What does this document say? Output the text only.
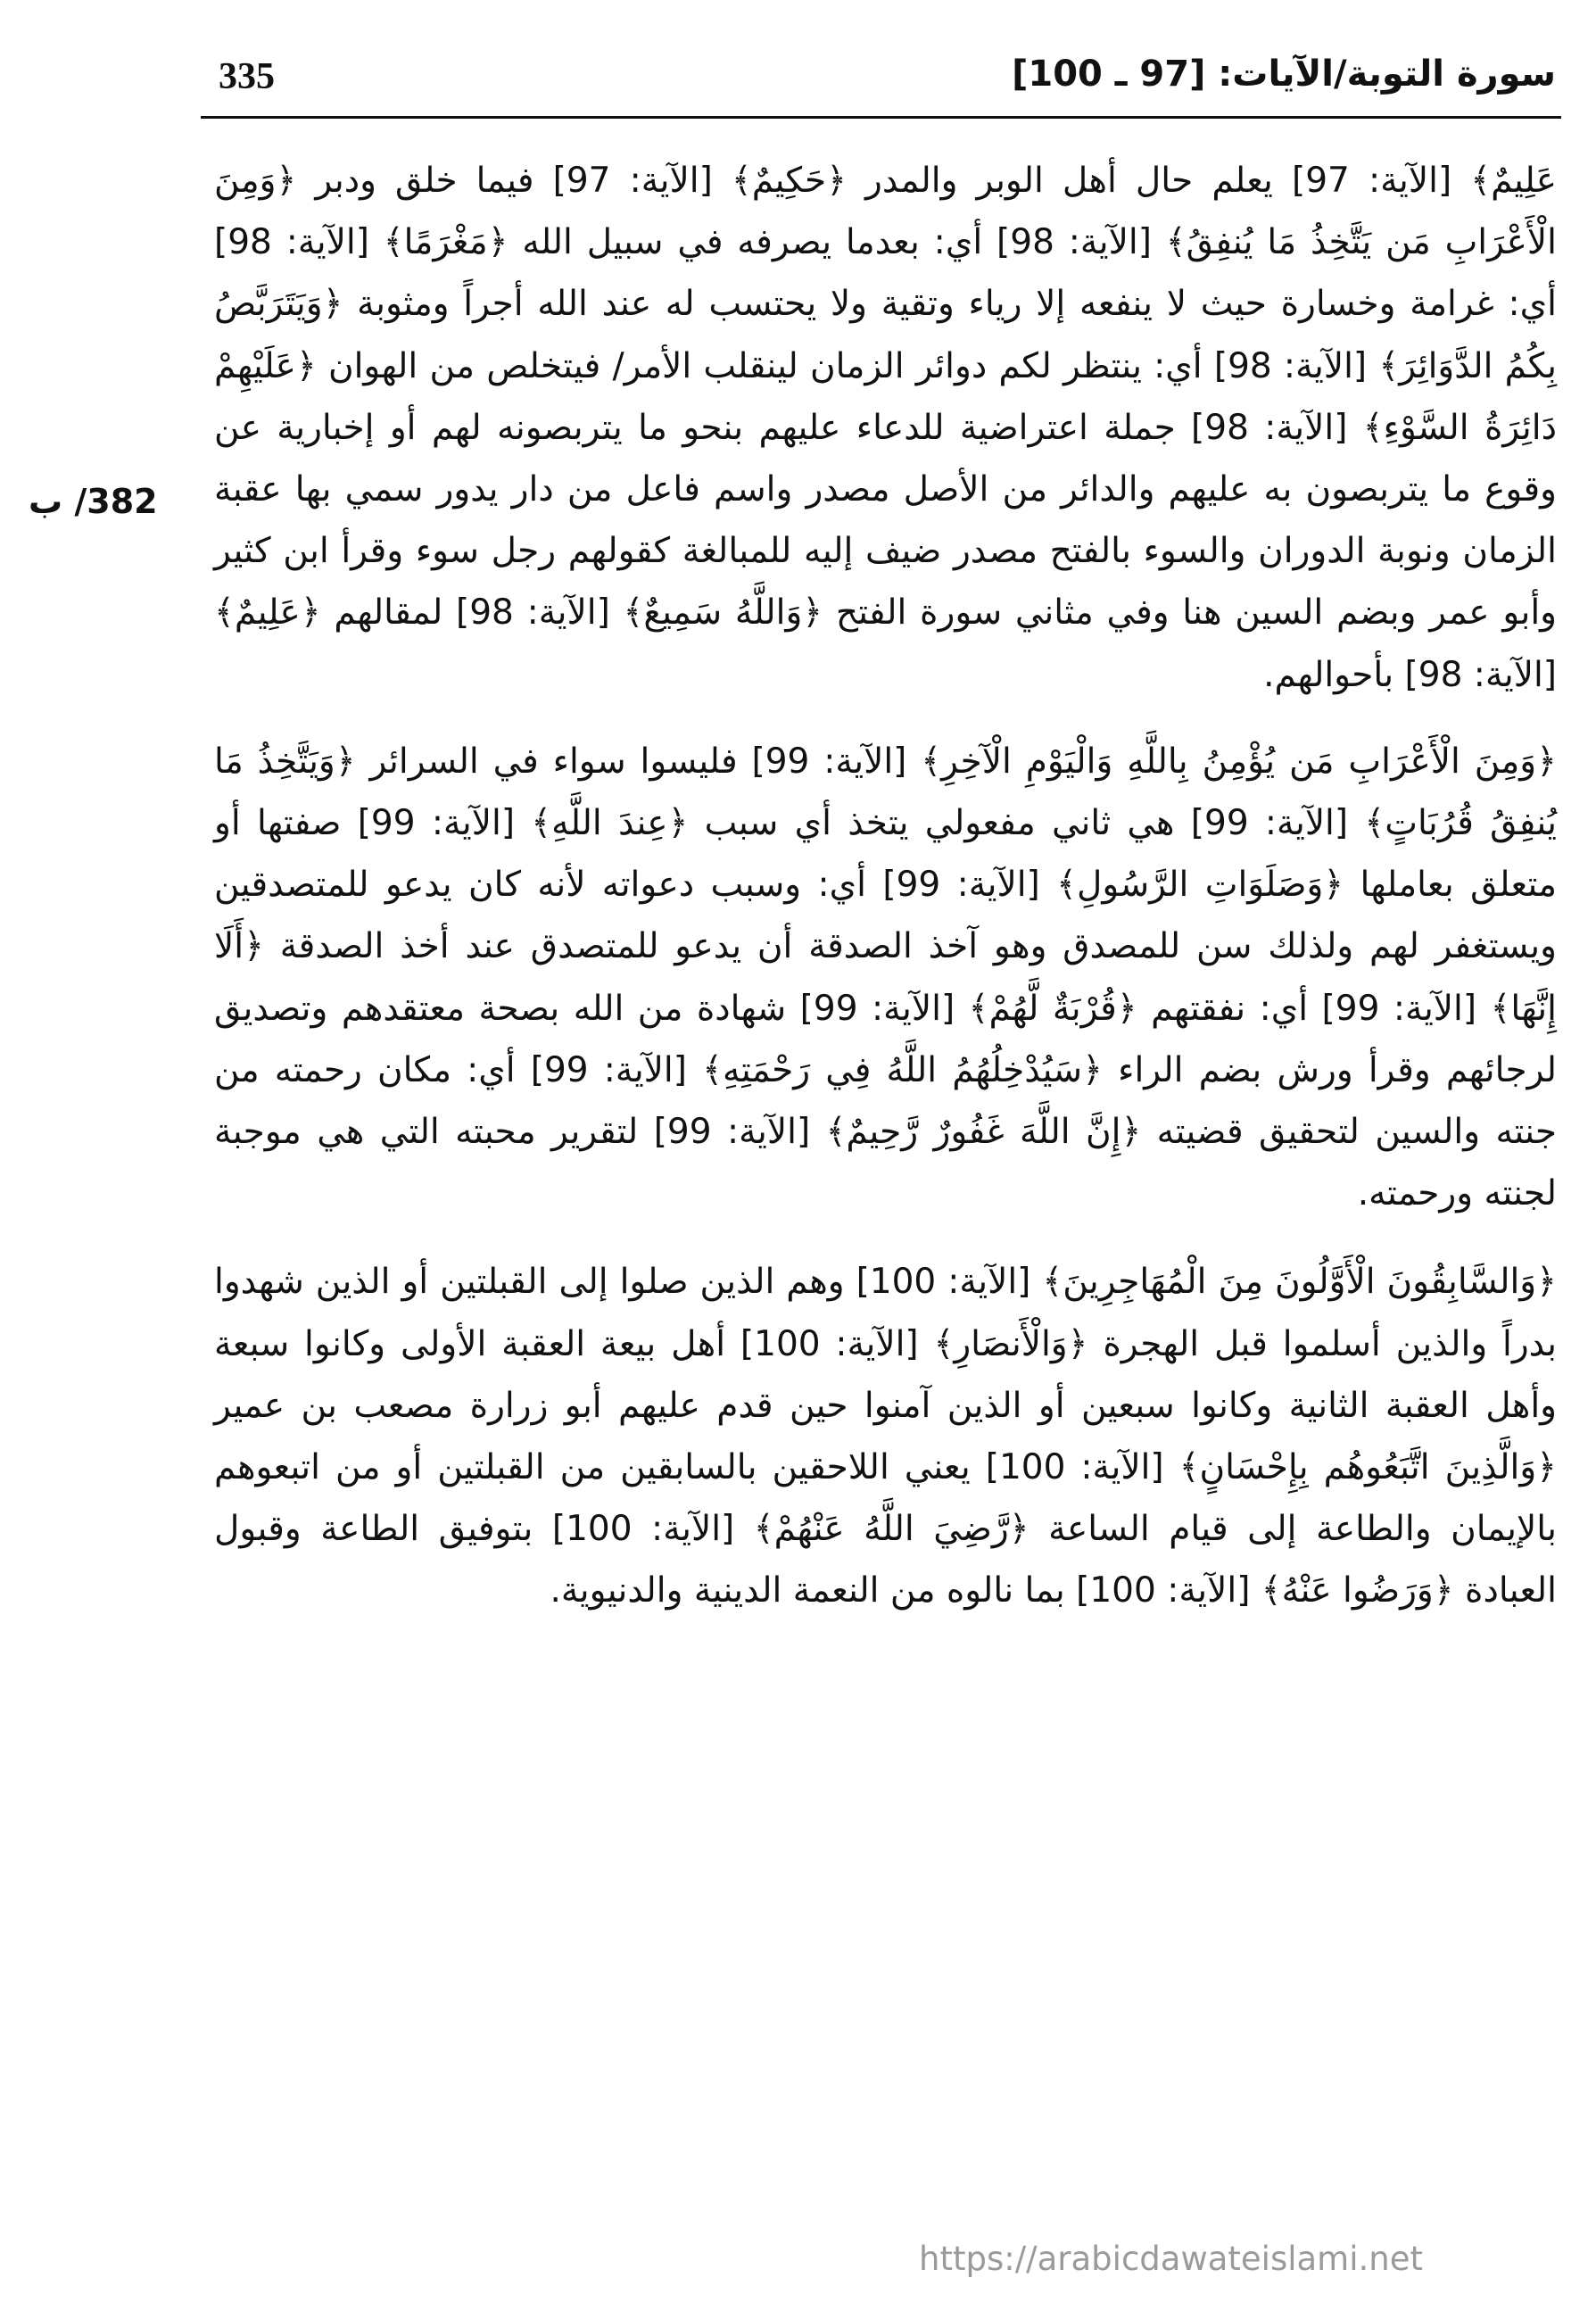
335	سورة التوبة/الآيات: [97 ـ 100]
382/ ب

عَلِيمٌ﴾ [الآية: 97] يعلم حال أهل الوبر والمدر ﴿حَكِيمٌ﴾ [الآية: 97] فيما خلق ودبر ﴿وَمِنَ الْأَعْرَابِ مَن يَتَّخِذُ مَا يُنفِقُ﴾ [الآية: 98] أي: بعدما يصرفه في سبيل الله ﴿مَغْرَمًا﴾ [الآية: 98] أي: غرامة وخسارة حيث لا ينفعه إلا رياء وتقية ولا يحتسب له عند الله أجراً ومثوبة ﴿وَيَتَرَبَّصُ بِكُمُ الدَّوَائِرَ﴾ [الآية: 98] أي: ينتظر لكم دوائر الزمان لينقلب الأمر/ فيتخلص من الهوان ﴿عَلَيْهِمْ دَائِرَةُ السَّوْءِ﴾ [الآية: 98] جملة اعتراضية للدعاء عليهم بنحو ما يتربصونه لهم أو إخبارية عن وقوع ما يتربصون به عليهم والدائر من الأصل مصدر واسم فاعل من دار يدور سمي بها عقبة الزمان ونوبة الدوران والسوء بالفتح مصدر ضيف إليه للمبالغة كقولهم رجل سوء وقرأ ابن كثير وأبو عمر وبضم السين هنا وفي مثاني سورة الفتح ﴿وَاللَّهُ سَمِيعٌ﴾ [الآية: 98] لمقالهم ﴿عَلِيمٌ﴾ [الآية: 98] بأحوالهم.

﴿وَمِنَ الْأَعْرَابِ مَن يُؤْمِنُ بِاللَّهِ وَالْيَوْمِ الْآخِرِ﴾ [الآية: 99] فليسوا سواء في السرائر ﴿وَيَتَّخِذُ مَا يُنفِقُ قُرُبَاتٍ﴾ [الآية: 99] هي ثاني مفعولي يتخذ أي سبب ﴿عِندَ اللَّهِ﴾ [الآية: 99] صفتها أو متعلق بعاملها ﴿وَصَلَوَاتِ الرَّسُولِ﴾ [الآية: 99] أي: وسبب دعواته لأنه كان يدعو للمتصدقين ويستغفر لهم ولذلك سن للمصدق وهو آخذ الصدقة أن يدعو للمتصدق عند أخذ الصدقة ﴿أَلَا إِنَّهَا﴾ [الآية: 99] أي: نفقتهم ﴿قُرْبَةٌ لَّهُمْ﴾ [الآية: 99] شهادة من الله بصحة معتقدهم وتصديق لرجائهم وقرأ ورش بضم الراء ﴿سَيُدْخِلُهُمُ اللَّهُ فِي رَحْمَتِهِ﴾ [الآية: 99] أي: مكان رحمته من جنته والسين لتحقيق قضيته ﴿إِنَّ اللَّهَ غَفُورٌ رَّحِيمٌ﴾ [الآية: 99] لتقرير محبته التي هي موجبة لجنته ورحمته.

﴿وَالسَّابِقُونَ الْأَوَّلُونَ مِنَ الْمُهَاجِرِينَ﴾ [الآية: 100] وهم الذين صلوا إلى القبلتين أو الذين شهدوا بدراً والذين أسلموا قبل الهجرة ﴿وَالْأَنصَارِ﴾ [الآية: 100] أهل بيعة العقبة الأولى وكانوا سبعة وأهل العقبة الثانية وكانوا سبعين أو الذين آمنوا حين قدم عليهم أبو زرارة مصعب بن عمير ﴿وَالَّذِينَ اتَّبَعُوهُم بِإِحْسَانٍ﴾ [الآية: 100] يعني اللاحقين بالسابقين من القبلتين أو من اتبعوهم بالإيمان والطاعة إلى قيام الساعة ﴿رَّضِيَ اللَّهُ عَنْهُمْ﴾ [الآية: 100] بتوفيق الطاعة وقبول العبادة ﴿وَرَضُوا عَنْهُ﴾ [الآية: 100] بما نالوه من النعمة الدينية والدنيوية.

https://arabicdawateislami.net
